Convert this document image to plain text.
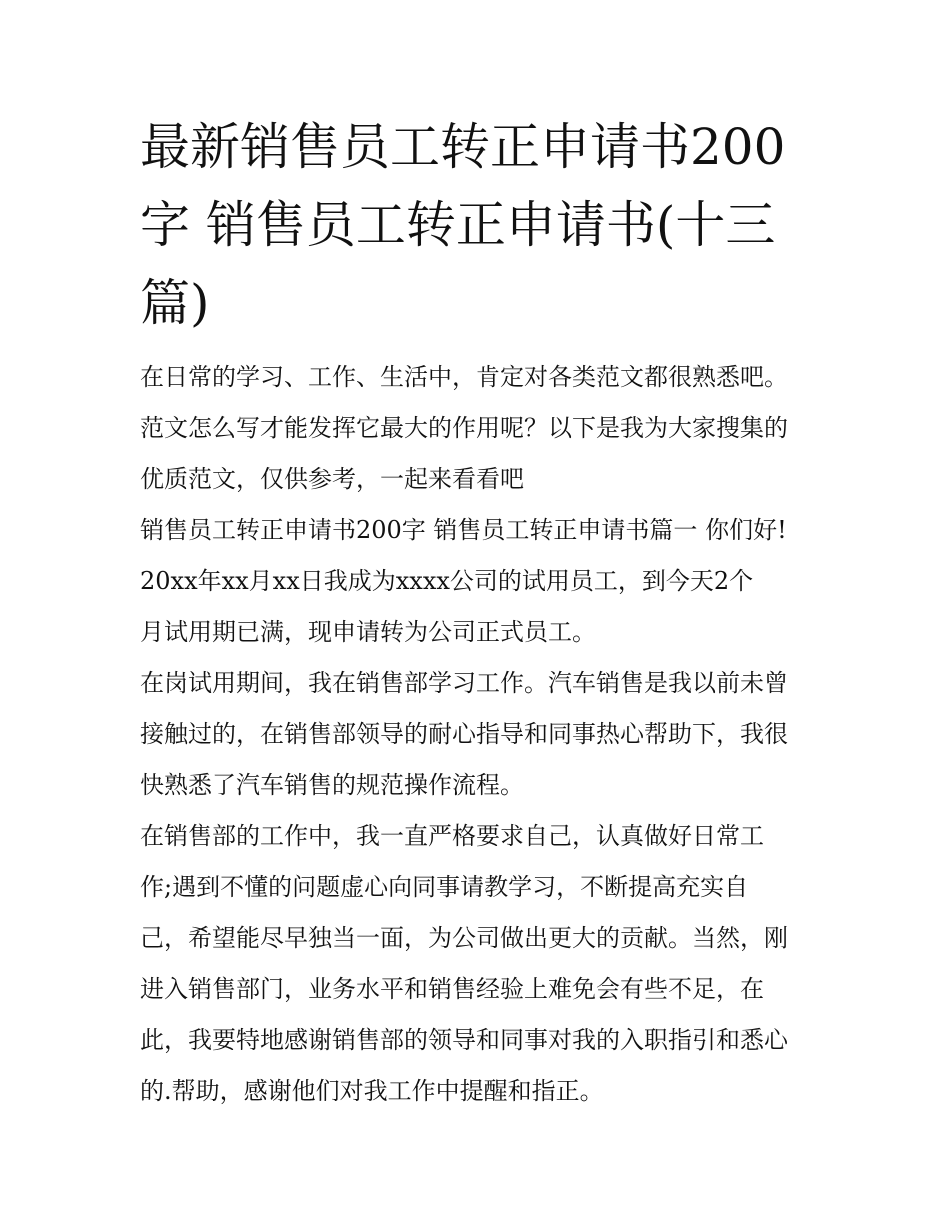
最新销售员工转正申请书200
字 销售员工转正申请书(十三
篇)
在日常的学习、工作、生活中，肯定对各类范文都很熟悉吧。
范文怎么写才能发挥它最大的作用呢？以下是我为大家搜集的
优质范文，仅供参考，一起来看看吧
销售员工转正申请书200字 销售员工转正申请书篇一 你们好!
20xx年xx月xx日我成为xxxx公司的试用员工，到今天2个
月试用期已满，现申请转为公司正式员工。
在岗试用期间，我在销售部学习工作。汽车销售是我以前未曾
接触过的，在销售部领导的耐心指导和同事热心帮助下，我很
快熟悉了汽车销售的规范操作流程。
在销售部的工作中，我一直严格要求自己，认真做好日常工
作;遇到不懂的问题虚心向同事请教学习，不断提高充实自
己，希望能尽早独当一面，为公司做出更大的贡献。当然，刚
进入销售部门，业务水平和销售经验上难免会有些不足，在
此，我要特地感谢销售部的领导和同事对我的入职指引和悉心
的.帮助，感谢他们对我工作中提醒和指正。
